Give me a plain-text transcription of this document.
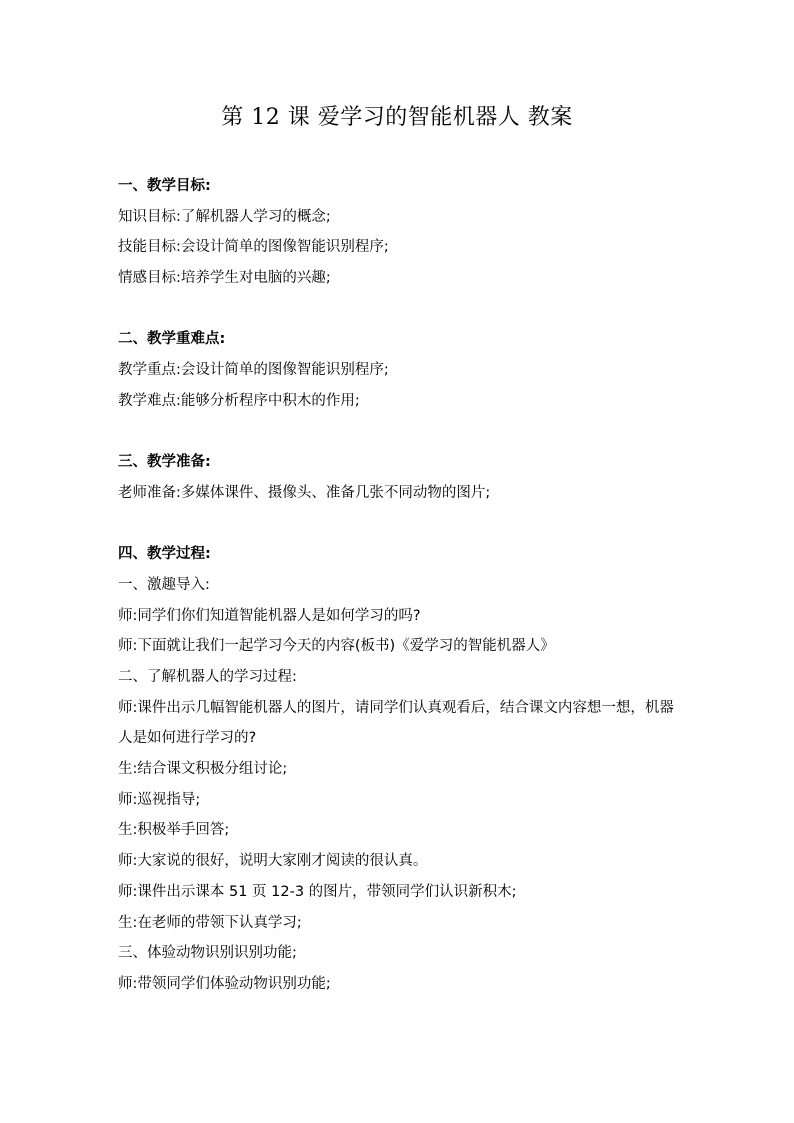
第 12 课 爱学习的智能机器人 教案
一、教学目标:
知识目标:了解机器人学习的概念;
技能目标:会设计简单的图像智能识别程序;
情感目标:培养学生对电脑的兴趣;
二、教学重难点:
教学重点:会设计简单的图像智能识别程序;
教学难点:能够分析程序中积木的作用;
三、教学准备:
老师准备:多媒体课件、摄像头、准备几张不同动物的图片;
四、教学过程:
一、激趣导入:
师:同学们你们知道智能机器人是如何学习的吗?
师:下面就让我们一起学习今天的内容(板书)《爱学习的智能机器人》
二、了解机器人的学习过程:
师:课件出示几幅智能机器人的图片，请同学们认真观看后，结合课文内容想一想，机器人是如何进行学习的?
生:结合课文积极分组讨论;
师:巡视指导;
生:积极举手回答;
师:大家说的很好，说明大家刚才阅读的很认真。
师:课件出示课本 51 页 12-3 的图片，带领同学们认识新积木;
生:在老师的带领下认真学习;
三、体验动物识别识别功能;
师:带领同学们体验动物识别功能;
